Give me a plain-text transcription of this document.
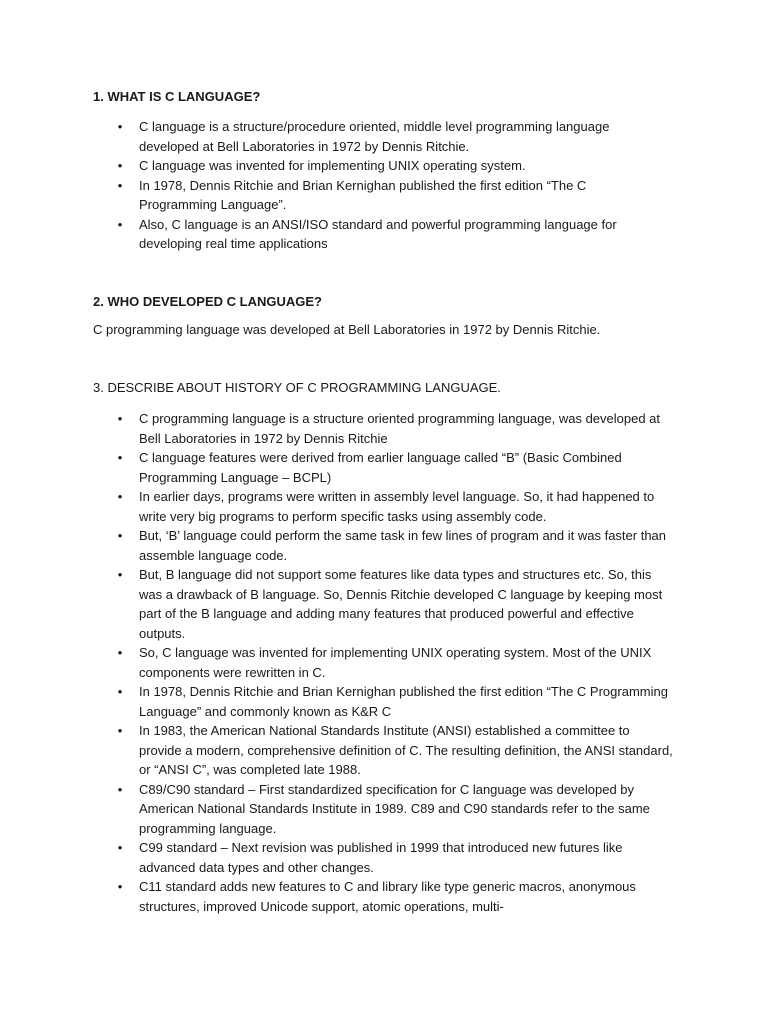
1. WHAT IS C LANGUAGE?
• C language is a structure/procedure oriented, middle level programming language developed at Bell Laboratories in 1972 by Dennis Ritchie.
• C language was invented for implementing UNIX operating system.
• In 1978, Dennis Ritchie and Brian Kernighan published the first edition “The C Programming Language”.
• Also, C language is an ANSI/ISO standard and powerful programming language for developing real time applications
2. WHO DEVELOPED C LANGUAGE?

C programming language was developed at Bell Laboratories in 1972 by Dennis Ritchie.

3. DESCRIBE ABOUT HISTORY OF C PROGRAMMING LANGUAGE.
• C programming language is a structure oriented programming language, was developed at Bell Laboratories in 1972 by Dennis Ritchie
• C language features were derived from earlier language called “B” (Basic Combined Programming Language – BCPL)
• In earlier days, programs were written in assembly level language. So, it had happened to write very big programs to perform specific tasks using assembly code.
• But, ‘B’ language could perform the same task in few lines of program and it was faster than assemble language code.
• But, B language did not support some features like data types and structures etc. So, this was a drawback of B language. So, Dennis Ritchie developed C language by keeping most part of the B language and adding many features that produced powerful and effective outputs.
• So, C language was invented for implementing UNIX operating system. Most of the UNIX components were rewritten in C.
• In 1978, Dennis Ritchie and Brian Kernighan published the first edition “The C Programming Language” and commonly known as K&R C
• In 1983, the American National Standards Institute (ANSI) established a committee to provide a modern, comprehensive definition of C. The resulting definition, the ANSI standard, or “ANSI C”, was completed late 1988.
• C89/C90 standard – First standardized specification for C language was developed by American National Standards Institute in 1989. C89 and C90 standards refer to the same programming language.
• C99 standard – Next revision was published in 1999 that introduced new futures like advanced data types and other changes.
• C11 standard adds new features to C and library like type generic macros, anonymous structures, improved Unicode support, atomic operations, multi-
